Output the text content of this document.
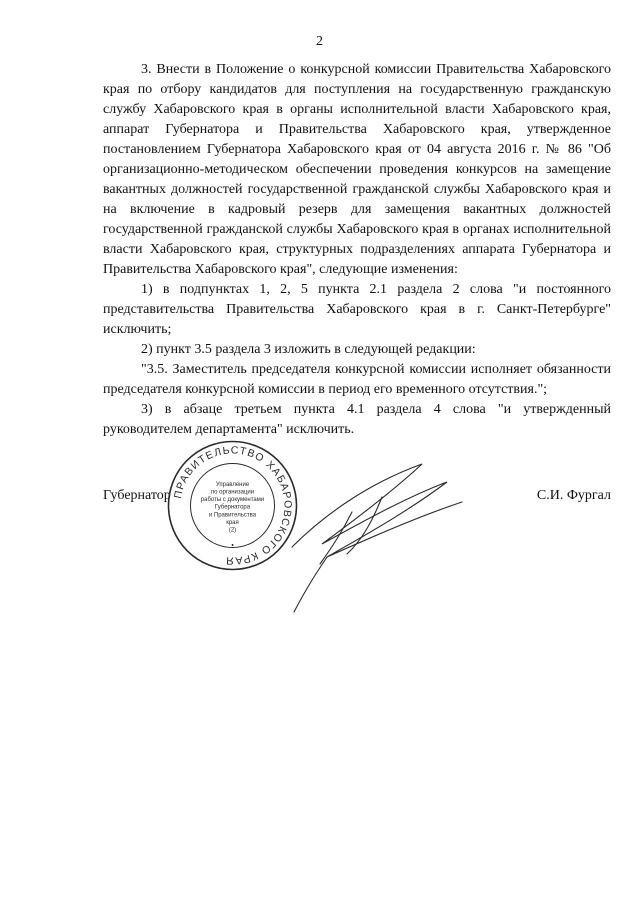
2

3. Внести в Положение о конкурсной комиссии Правительства Хабаровского края по отбору кандидатов для поступления на государственную гражданскую службу Хабаровского края в органы исполнительной власти Хабаровского края, аппарат Губернатора и Правительства Хабаровского края, утвержденное постановлением Губернатора Хабаровского края от 04 августа 2016 г. № 86 "Об организационно-методическом обеспечении проведения конкурсов на замещение вакантных должностей государственной гражданской службы Хабаровского края и на включение в кадровый резерв для замещения вакантных должностей государственной гражданской службы Хабаровского края в органах исполнительной власти Хабаровского края, структурных подразделениях аппарата Губернатора и Правительства Хабаровского края", следующие изменения:

1) в подпунктах 1, 2, 5 пункта 2.1 раздела 2 слова "и постоянного представительства Правительства Хабаровского края в г. Санкт-Петербурге" исключить;

2) пункт 3.5 раздела 3 изложить в следующей редакции:

"3.5. Заместитель председателя конкурсной комиссии исполняет обязанности председателя конкурсной комиссии в период его временного отсутствия.";

3) в абзаце третьем пункта 4.1 раздела 4 слова "и утвержденный руководителем департамента" исключить.

Губернатор	С.И. Фургал
ПРАВИТЕЛЬСТВО ХАБАРОВСКОГО КРАЯ
Управление
по организации
работы с документами
Губернатора
и Правительства
края
(2)
•
